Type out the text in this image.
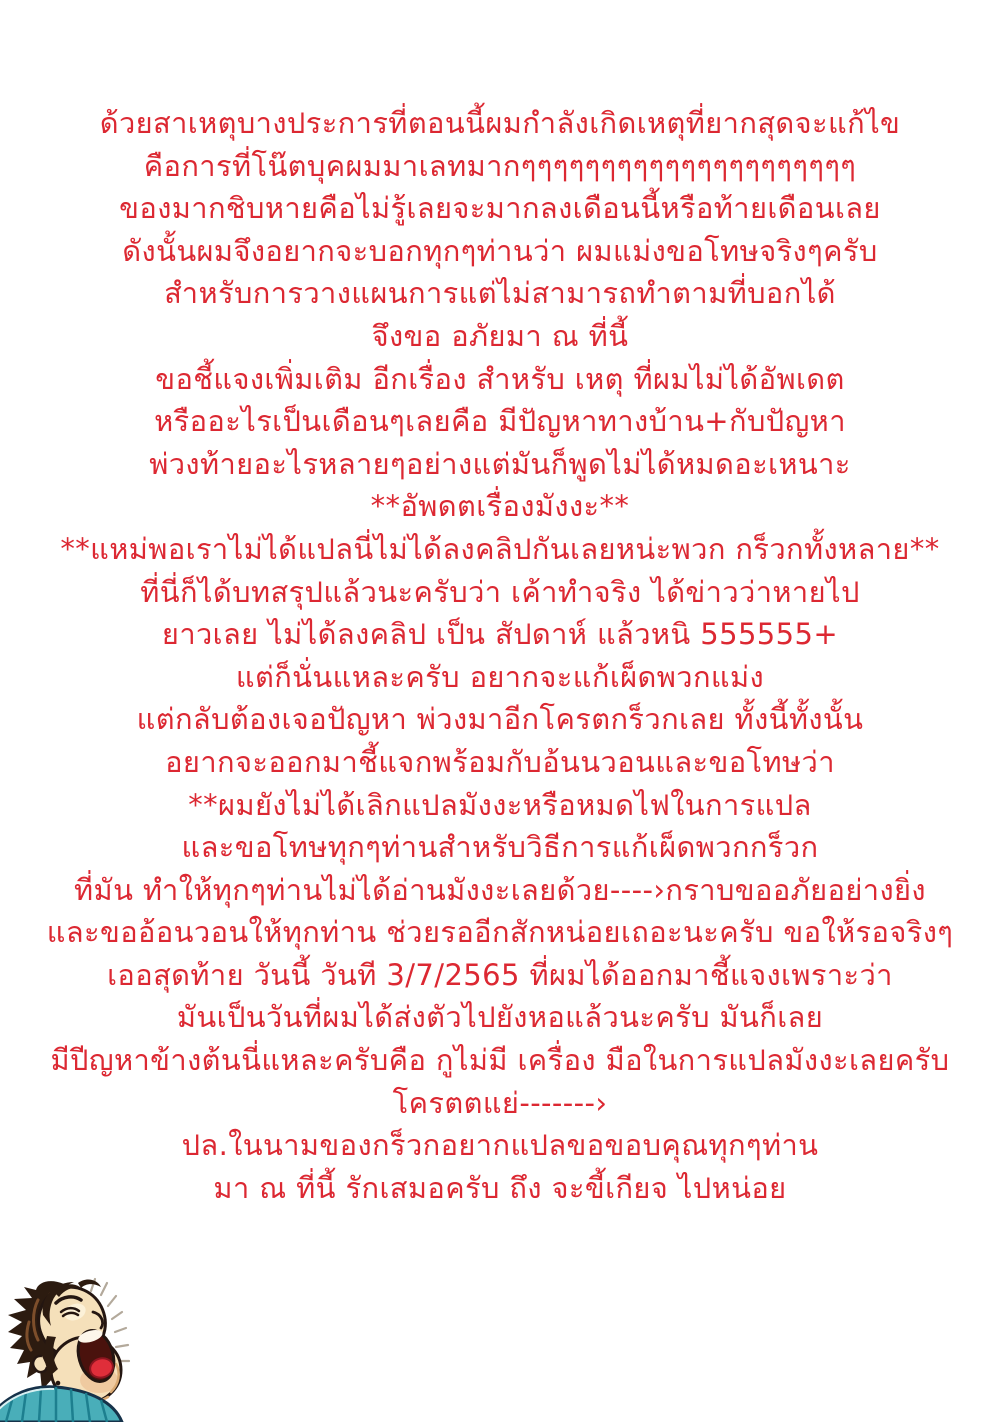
ด้วยสาเหตุบางประการที่ตอนนี้ผมกำลังเกิดเหตุที่ยากสุดจะแก้ไข
คือการที่โน๊ตบุคผมมาเลทมากๆๆๆๆๆๆๆๆๆๆๆๆๆๆๆๆๆๆๆๆๆ
ของมากชิบหายคือไม่รู้เลยจะมากลงเดือนนี้หรือท้ายเดือนเลย
ดังนั้นผมจึงอยากจะบอกทุกๆท่านว่า ผมแม่งขอโทษจริงๆครับ
สำหรับการวางแผนการแต่ไม่สามารถทำตามที่บอกได้
จึงขอ อภัยมา ณ ที่นี้
ขอชี้แจงเพิ่มเติม อีกเรื่อง สำหรับ เหตุ ที่ผมไม่ได้อัพเดต
หรืออะไรเป็นเดือนๆเลยคือ มีปัญหาทางบ้าน+กับปัญหา
พ่วงท้ายอะไรหลายๆอย่างแต่มันก็พูดไม่ได้หมดอะเหนาะ
**อัพดตเรื่องมังงะ**
**แหม่พอเราไม่ได้แปลนี่ไม่ได้ลงคลิปกันเลยหน่ะพวก กร็วกทั้งหลาย**
ที่นี่ก็ได้บทสรุปแล้วนะครับว่า เค้าทำจริง ได้ข่าวว่าหายไป
ยาวเลย ไม่ได้ลงคลิป เป็น สัปดาห์ แล้วหนิ 555555+
แต่ก็นั่นแหละครับ อยากจะแก้เผ็ดพวกแม่ง
แต่กลับต้องเจอปัญหา พ่วงมาอีกโครตกร็วกเลย ทั้งนี้ทั้งนั้น
อยากจะออกมาชี้แจกพร้อมกับอ้นนวอนและขอโทษว่า
**ผมยังไม่ได้เลิกแปลมังงะหรือหมดไฟในการแปล
และขอโทษทุกๆท่านสำหรับวิธีการแก้เผ็ดพวกกร็วก
ที่มัน ทำให้ทุกๆท่านไม่ได้อ่านมังงะเลยด้วย----›กราบขออภัยอย่างยิ่ง
และขออ้อนวอนให้ทุกท่าน ช่วยรออีกสักหน่อยเถอะนะครับ ขอให้รอจริงๆ
เออสุดท้าย วันนี้ วันที 3/7/2565 ที่ผมได้ออกมาชี้แจงเพราะว่า
มันเป็นวันที่ผมได้ส่งตัวไปยังหอแล้วนะครับ มันก็เลย
มีปีญหาข้างต้นนี่แหละครับคือ กูไม่มี เครื่อง มือในการแปลมังงะเลยครับ
โครตตแย่-------›
ปล.ในนามของกร็วกอยากแปลขอขอบคุณทุกๆท่าน
มา ณ ที่นี้ รักเสมอครับ ถึง จะขี้เกียจ ไปหน่อย
